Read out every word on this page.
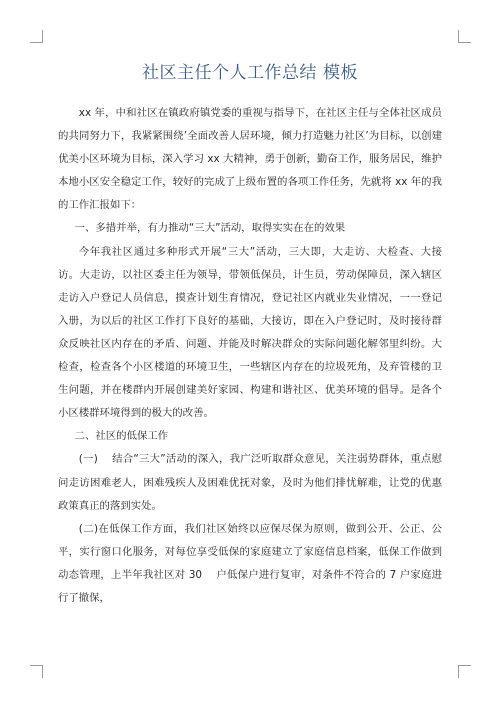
社区主任个人工作总结 模板

xx 年，中和社区在镇政府镇党委的重视与指导下，在社区主任与全体社区成员的共同努力下，我紧紧围绕’全面改善人居环境，倾力打造魅力社区’为目标，以创建优美小区环境为目标，深入学习 xx 大精神，勇于创新，勤奋工作，服务居民，维护本地小区安全稳定工作，较好的完成了上级布置的各项工作任务，先就将 xx 年的我的工作汇报如下：

一、多措并举，有力推动“三大”活动，取得实实在在的效果

今年我社区通过多种形式开展“三大”活动，三大即，大走访、大检查、大接访。大走访，以社区委主任为领导，带领低保员，计生员，劳动保障员，深入辖区走访入户登记人员信息，摸查计划生育情况，登记社区内就业失业情况，一一登记入册，为以后的社区工作打下良好的基础，大接访，即在入户登记时，及时接待群众反映社区内存在的矛盾、问题、并能及时解决群众的实际问题化解邻里纠纷。大检查，检查各个小区楼道的环境卫生，一些辖区内存在的垃圾死角，及弃管楼的卫生问题，并在楼群内开展创建美好家园、构建和谐社区、优美环境的倡导。是各个小区楼群环境得到的极大的改善。

二、社区的低保工作

(一)　 结合“三大”活动的深入，我广泛听取群众意见，关注弱势群体，重点慰问走访困难老人，困难残疾人及困难优抚对象，及时为他们排忧解难，让党的优惠政策真正的落到实处。

(二)在低保工作方面，我们社区始终以应保尽保为原则，做到公开、公正、公平，实行窗口化服务，对每位享受低保的家庭建立了家庭信息档案，低保工作做到动态管理，上半年我社区对 30　 户低保户进行复审，对条件不符合的 7 户家庭进行了撤保，
